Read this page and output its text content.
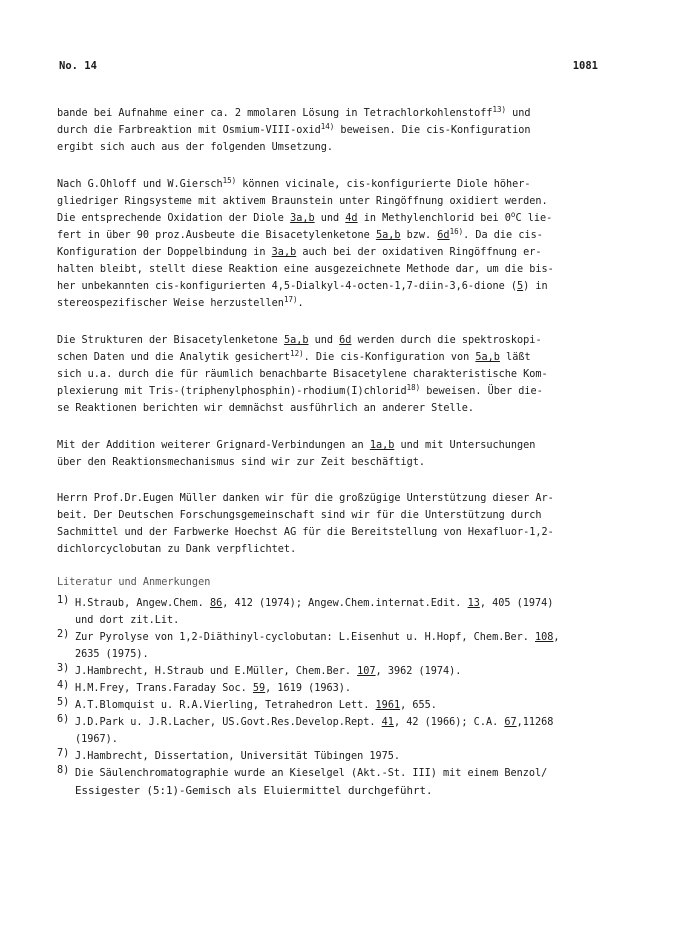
No. 14	1081
bande bei Aufnahme einer ca. 2 mmolaren Lösung in Tetrachlorkohlenstoff$^{13)}$ und
durch die Farbreaktion mit Osmium-VIII-oxid$^{14)}$ beweisen. Die cis-Konfiguration
ergibt sich auch aus der folgenden Umsetzung.
Nach G.Ohloff und W.Giersch$^{15)}$ können vicinale, cis-konfigurierte Diole höher-
gliedriger Ringsysteme mit aktivem Braunstein unter Ringöffnung oxidiert werden.
Die entsprechende Oxidation der Diole 3a,b und 4d in Methylenchlorid bei 0$^o$C lie-
fert in über 90 proz.Ausbeute die Bisacetylenketone 5a,b bzw. $6d^{16)}$. Da die cis-
Konfiguration der Doppelbindung in 3a,b auch bei der oxidativen Ringöffnung er-
halten bleibt, stellt diese Reaktion eine ausgezeichnete Methode dar, um die bis-
her unbekannten cis-konfigurierten 4,5-Dialkyl-4-octen-1,7-diin-3,6-dione (5) in
stereospezifischer Weise herzustellen$^{17)}$.
Die Strukturen der Bisacetylenketone 5a,b und 6d werden durch die spektroskopi-
schen Daten und die Analytik gesichert$^{12)}$. Die cis-Konfiguration von 5a,b läßt
sich u.a. durch die für räumlich benachbarte Bisacetylene charakteristische Kom-
plexierung mit Tris-(triphenylphosphin)-rhodium(I)chlorid$^{18)}$ beweisen. Über die-
se Reaktionen berichten wir demnächst ausführlich an anderer Stelle.
Mit der Addition weiterer Grignard-Verbindungen an 1a,b und mit Untersuchungen
über den Reaktionsmechanismus sind wir zur Zeit beschäftigt.
Herrn Prof.Dr.Eugen Müller danken wir für die großzügige Unterstützung dieser Ar-
beit. Der Deutschen Forschungsgemeinschaft sind wir für die Unterstützung durch
Sachmittel und der Farbwerke Hoechst AG für die Bereitstellung von Hexafluor-1,2-
dichlorcyclobutan zu Dank verpflichtet.
Literatur und Anmerkungen
1) H.Straub, Angew.Chem. 86, 412 (1974); Angew.Chem.internat.Edit. 13, 405 (1974)
und dort zit.Lit.
2) Zur Pyrolyse von 1,2-Diäthinyl-cyclobutan: L.Eisenhut u. H.Hopf, Chem.Ber. 108,
2635 (1975).
3) J.Hambrecht, H.Straub und E.Müller, Chem.Ber. 107, 3962 (1974).
4) H.M.Frey, Trans.Faraday Soc. 59, 1619 (1963).
5) A.T.Blomquist u. R.A.Vierling, Tetrahedron Lett. 1961, 655.
6) J.D.Park u. J.R.Lacher, US.Govt.Res.Develop.Rept. 41, 42 (1966); C.A. 67,11268
(1967).
7) J.Hambrecht, Dissertation, Universität Tübingen 1975.
8) Die Säulenchromatographie wurde an Kieselgel (Akt.-St. III) mit einem Benzol/
Essigester (5:1)-Gemisch als Eluiermittel durchgeführt.
